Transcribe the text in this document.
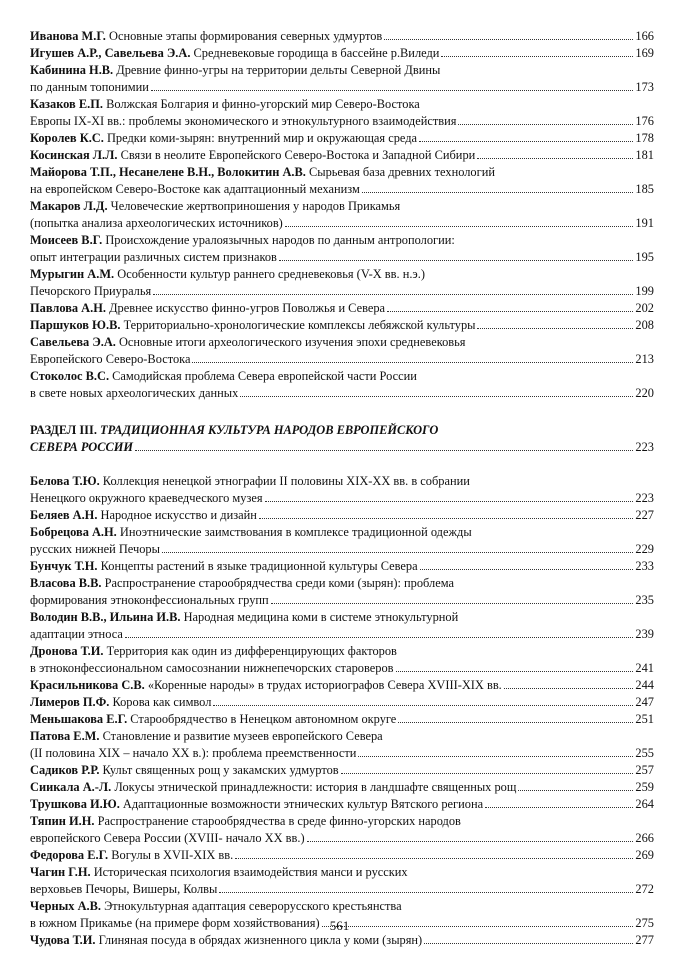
Иванова М.Г. Основные этапы формирования северных удмуртов	166
Игушев А.Р., Савельева Э.А. Средневековые городища в бассейне р.Виледи	169
Кабинина Н.В. Древние финно-угры на территории дельты Северной Двины
по данным топонимии	173
Казаков Е.П. Волжская Болгария и финно-угорский мир Северо-Востока
Европы IX-XI вв.: проблемы экономического и этнокультурного взаимодействия	176
Королев К.С. Предки коми-зырян: внутренний мир и окружающая среда	178
Косинская Л.Л. Связи в неолите Европейского Северо-Востока и Западной Сибири	181
Майорова Т.П., Несанелене В.Н., Волокитин А.В. Сырьевая база древних технологий
на европейском Северо-Востоке как адаптационный механизм	185
Макаров Л.Д. Человеческие жертвоприношения у народов Прикамья
(попытка анализа археологических источников)	191
Моисеев В.Г. Происхождение уралоязычных народов по данным антропологии:
опыт интеграции различных систем признаков	195
Мурыгин А.М. Особенности культур раннего средневековья (V-X вв. н.э.)
Печорского Приуралья	199
Павлова А.Н. Древнее искусство финно-угров Поволжья и Севера	202
Паршуков Ю.В. Территориально-хронологические комплексы лебяжской культуры	208
Савельева Э.А. Основные итоги археологического изучения эпохи средневековья
Европейского Северо-Востока	213
Стоколос В.С. Самодийская проблема Севера европейской части России
в свете новых археологических данных	220
РАЗДЕЛ III. ТРАДИЦИОННАЯ КУЛЬТУРА НАРОДОВ ЕВРОПЕЙСКОГО
СЕВЕРА РОССИИ	223
Белова Т.Ю. Коллекция ненецкой этнографии II половины XIX-XX вв. в собрании
Ненецкого окружного краеведческого музея	223
Беляев А.Н. Народное искусство и дизайн	227
Бобрецова А.Н. Иноэтнические заимствования в комплексе традиционной одежды
русских нижней Печоры	229
Бунчук Т.Н. Концепты растений в языке традиционной культуры Севера	233
Власова В.В. Распространение старообрядчества среди коми (зырян): проблема
формирования этноконфессиональных групп	235
Володин В.В., Ильина И.В. Народная медицина коми в системе этнокультурной
адаптации этноса	239
Дронова Т.И. Территория как один из дифференцирующих факторов
в этноконфессиональном самосознании нижнепечорских староверов	241
Красильникова С.В. «Коренные народы» в трудах историографов Севера XVIII-XIX вв.	244
Лимеров П.Ф. Корова как символ	247
Меньшакова Е.Г. Старообрядчество в Ненецком автономном округе	251
Патова Е.М. Становление и развитие музеев европейского Севера
(II половина XIX – начало XX в.): проблема преемственности	255
Садиков Р.Р. Культ священных рощ у закамских удмуртов	257
Сиикала А.-Л. Локусы этнической принадлежности: история в ландшафте священных рощ	259
Трушкова И.Ю. Адаптационные возможности этнических культур Вятского региона	264
Тяпин И.Н. Распространение старообрядчества в среде финно-угорских народов
европейского Севера России (XVIII- начало XX вв.)	266
Федорова Е.Г. Вогулы в XVII-XIX вв.	269
Чагин Г.Н. Историческая психология взаимодействия манси и русских
верховьев Печоры, Вишеры, Колвы	272
Черных А.В. Этнокультурная адаптация северорусского крестьянства
в южном Прикамье (на примере форм хозяйствования)	275
Чудова Т.И. Глиняная посуда в обрядах жизненного цикла у коми (зырян)	277
561
